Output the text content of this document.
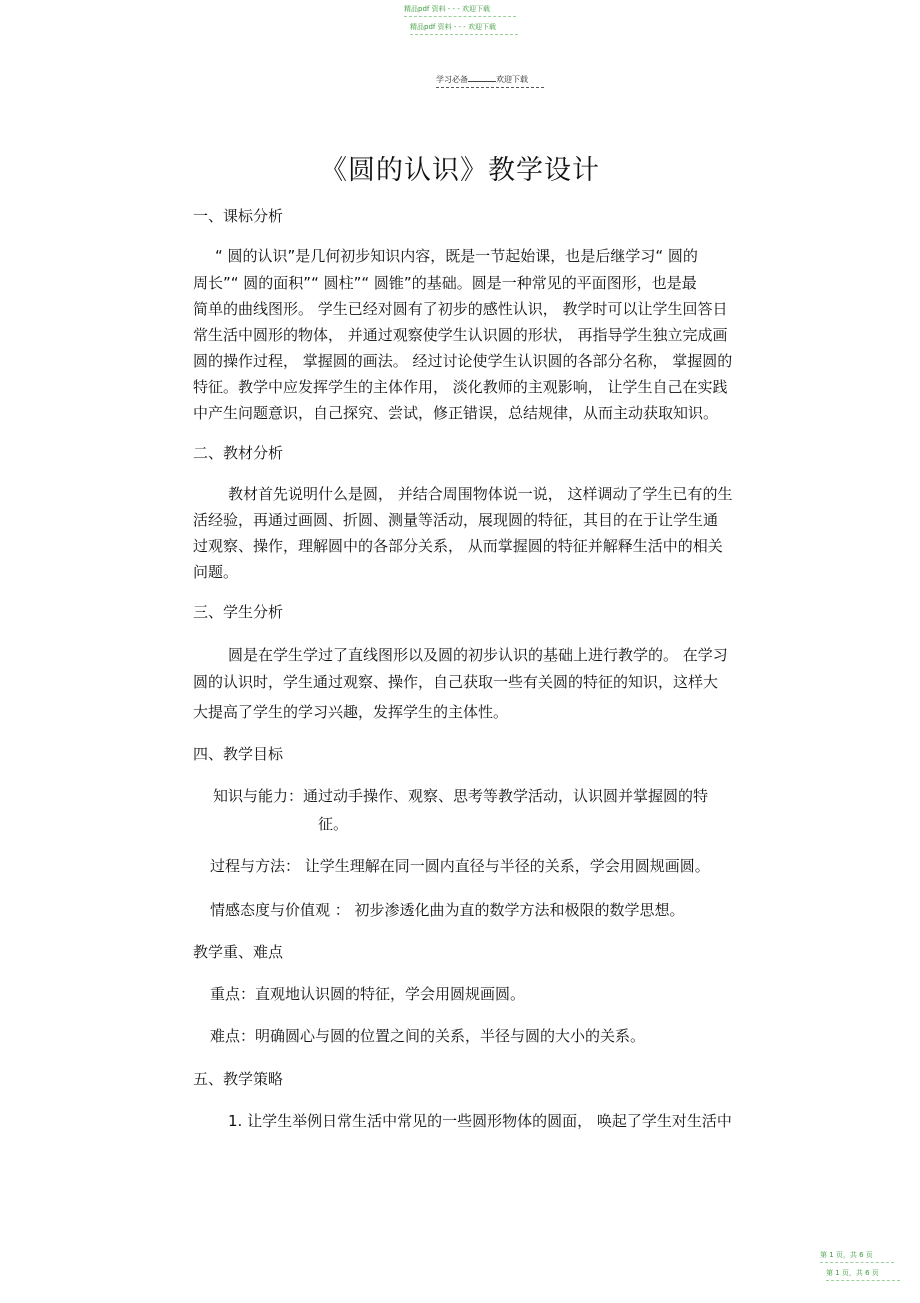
精品pdf 资料 - - - 欢迎下载
精品pdf 资料 - - - 欢迎下载
学习必备	欢迎下载
《圆的认识》教学设计

一、课标分析

“ 圆的认识”是几何初步知识内容，既是一节起始课，也是后继学习“ 圆的

周长”“ 圆的面积”“ 圆柱”“ 圆锥”的基础。圆是一种常见的平面图形，也是最

简单的曲线图形。 学生已经对圆有了初步的感性认识， 教学时可以让学生回答日

常生活中圆形的物体， 并通过观察使学生认识圆的形状， 再指导学生独立完成画

圆的操作过程， 掌握圆的画法。 经过讨论使学生认识圆的各部分名称， 掌握圆的

特征。教学中应发挥学生的主体作用， 淡化教师的主观影响， 让学生自己在实践

中产生问题意识，自己探究、尝试，修正错误，总结规律，从而主动获取知识。

二、教材分析

教材首先说明什么是圆， 并结合周围物体说一说， 这样调动了学生已有的生

活经验，再通过画圆、折圆、测量等活动，展现圆的特征，其目的在于让学生通

过观察、操作，理解圆中的各部分关系， 从而掌握圆的特征并解释生活中的相关

问题。

三、学生分析

圆是在学生学过了直线图形以及圆的初步认识的基础上进行教学的。 在学习

圆的认识时，学生通过观察、操作，自己获取一些有关圆的特征的知识，这样大

大提高了学生的学习兴趣，发挥学生的主体性。

四、教学目标

知识与能力：通过动手操作、观察、思考等教学活动，认识圆并掌握圆的特

征。

过程与方法： 让学生理解在同一圆内直径与半径的关系，学会用圆规画圆。

情感态度与价值观 ： 初步渗透化曲为直的数学方法和极限的数学思想。

教学重、难点

重点：直观地认识圆的特征，学会用圆规画圆。

难点：明确圆心与圆的位置之间的关系，半径与圆的大小的关系。

五、教学策略

1. 让学生举例日常生活中常见的一些圆形物体的圆面， 唤起了学生对生活中

第 1 页，共 6 页
第 1 页，共 6 页
